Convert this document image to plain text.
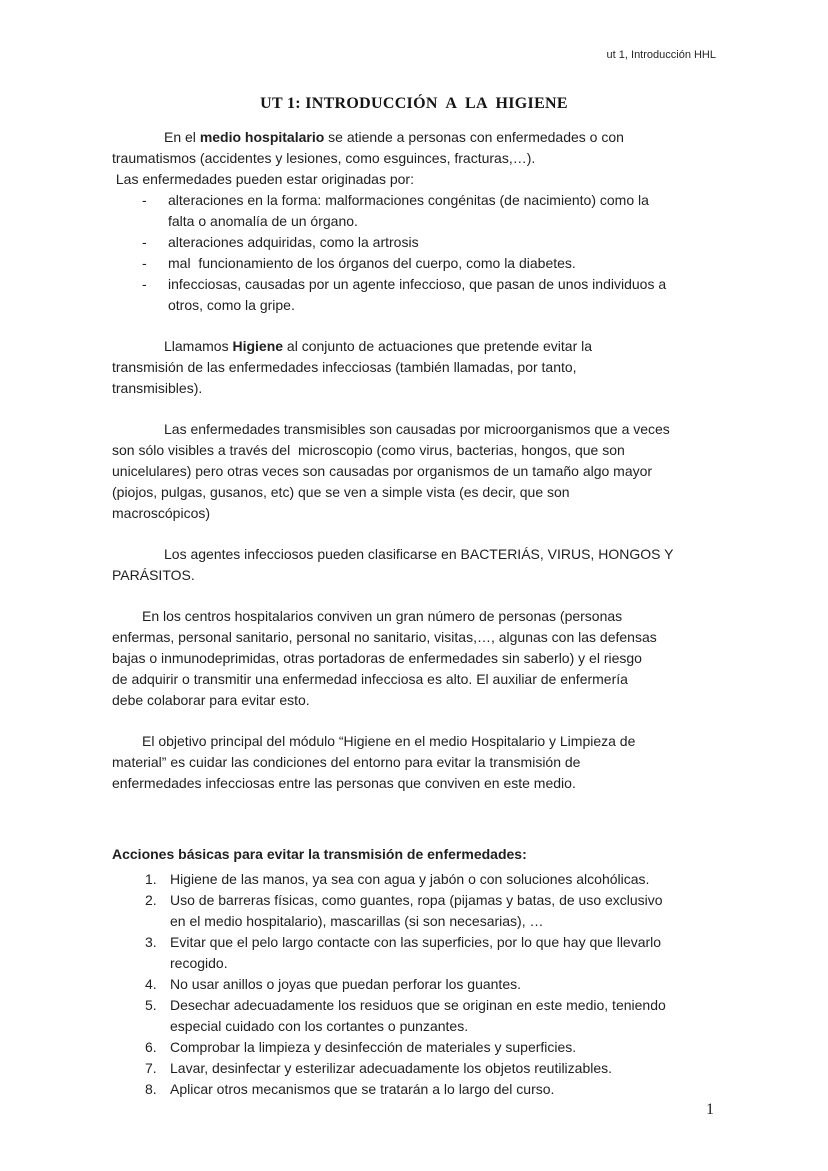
ut 1, Introducción HHL
UT 1: INTRODUCCIÓN  A  LA  HIGIENE
En el medio hospitalario se atiende a personas con enfermedades o con
traumatismos (accidentes y lesiones, como esguinces, fracturas,…).
Las enfermedades pueden estar originadas por:
-	alteraciones en la forma: malformaciones congénitas (de nacimiento) como la
falta o anomalía de un órgano.
-	alteraciones adquiridas, como la artrosis
-	mal  funcionamiento de los órganos del cuerpo, como la diabetes.
-	infecciosas, causadas por un agente infeccioso, que pasan de unos individuos a
otros, como la gripe.
Llamamos Higiene al conjunto de actuaciones que pretende evitar la
transmisión de las enfermedades infecciosas (también llamadas, por tanto,
transmisibles).
Las enfermedades transmisibles son causadas por microorganismos que a veces
son sólo visibles a través del  microscopio (como virus, bacterias, hongos, que son
unicelulares) pero otras veces son causadas por organismos de un tamaño algo mayor
(piojos, pulgas, gusanos, etc) que se ven a simple vista (es decir, que son
macroscópicos)
Los agentes infecciosos pueden clasificarse en BACTERIÁS, VIRUS, HONGOS Y
PARÁSITOS.
En los centros hospitalarios conviven un gran número de personas (personas
enfermas, personal sanitario, personal no sanitario, visitas,…, algunas con las defensas
bajas o inmunodeprimidas, otras portadoras de enfermedades sin saberlo) y el riesgo
de adquirir o transmitir una enfermedad infecciosa es alto. El auxiliar de enfermería
debe colaborar para evitar esto.
El objetivo principal del módulo “Higiene en el medio Hospitalario y Limpieza de
material” es cuidar las condiciones del entorno para evitar la transmisión de
enfermedades infecciosas entre las personas que conviven en este medio.
Acciones básicas para evitar la transmisión de enfermedades:
1. Higiene de las manos, ya sea con agua y jabón o con soluciones alcohólicas.
2. Uso de barreras físicas, como guantes, ropa (pijamas y batas, de uso exclusivo
en el medio hospitalario), mascarillas (si son necesarias), …
3. Evitar que el pelo largo contacte con las superficies, por lo que hay que llevarlo
recogido.
4. No usar anillos o joyas que puedan perforar los guantes.
5. Desechar adecuadamente los residuos que se originan en este medio, teniendo
especial cuidado con los cortantes o punzantes.
6. Comprobar la limpieza y desinfección de materiales y superficies.
7. Lavar, desinfectar y esterilizar adecuadamente los objetos reutilizables.
8. Aplicar otros mecanismos que se tratarán a lo largo del curso.
1
